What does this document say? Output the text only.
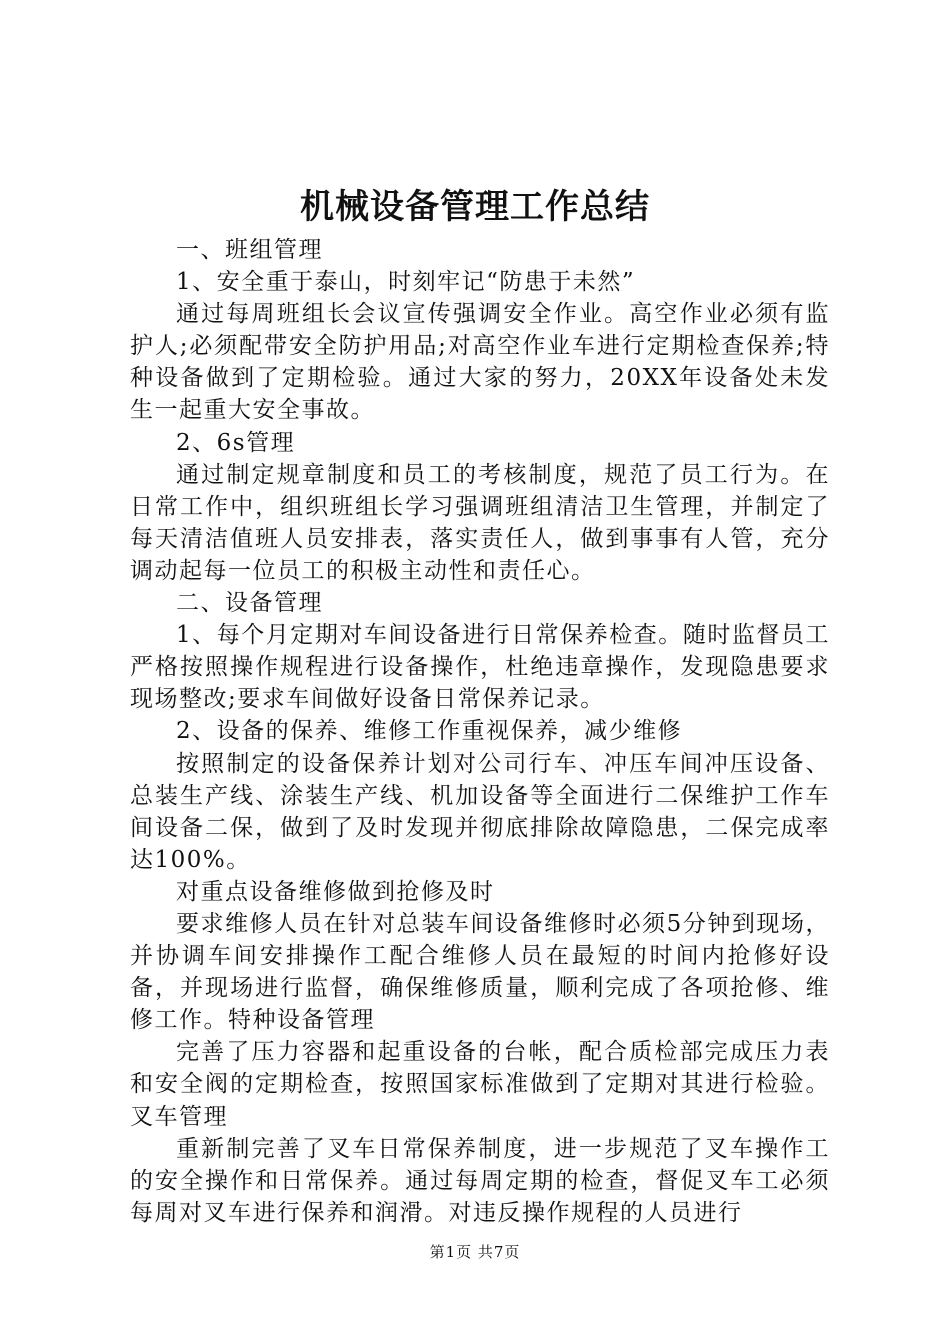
机械设备管理工作总结

一、班组管理

1、安全重于泰山，时刻牢记“防患于未然”

通过每周班组长会议宣传强调安全作业。高空作业必须有监护人;必须配带安全防护用品;对高空作业车进行定期检查保养;特种设备做到了定期检验。通过大家的努力，20XX年设备处未发生一起重大安全事故。

2、6s管理

通过制定规章制度和员工的考核制度，规范了员工行为。在日常工作中，组织班组长学习强调班组清洁卫生管理，并制定了每天清洁值班人员安排表，落实责任人，做到事事有人管，充分调动起每一位员工的积极主动性和责任心。

二、设备管理

1、每个月定期对车间设备进行日常保养检查。随时监督员工严格按照操作规程进行设备操作，杜绝违章操作，发现隐患要求现场整改;要求车间做好设备日常保养记录。

2、设备的保养、维修工作重视保养，减少维修

按照制定的设备保养计划对公司行车、冲压车间冲压设备、总装生产线、涂装生产线、机加设备等全面进行二保维护工作车间设备二保，做到了及时发现并彻底排除故障隐患，二保完成率达100%。

对重点设备维修做到抢修及时

要求维修人员在针对总装车间设备维修时必须5分钟到现场，并协调车间安排操作工配合维修人员在最短的时间内抢修好设备，并现场进行监督，确保维修质量，顺利完成了各项抢修、维修工作。特种设备管理

完善了压力容器和起重设备的台帐，配合质检部完成压力表和安全阀的定期检查，按照国家标准做到了定期对其进行检验。叉车管理

重新制完善了叉车日常保养制度，进一步规范了叉车操作工的安全操作和日常保养。通过每周定期的检查，督促叉车工必须每周对叉车进行保养和润滑。对违反操作规程的人员进行

第1页 共7页
